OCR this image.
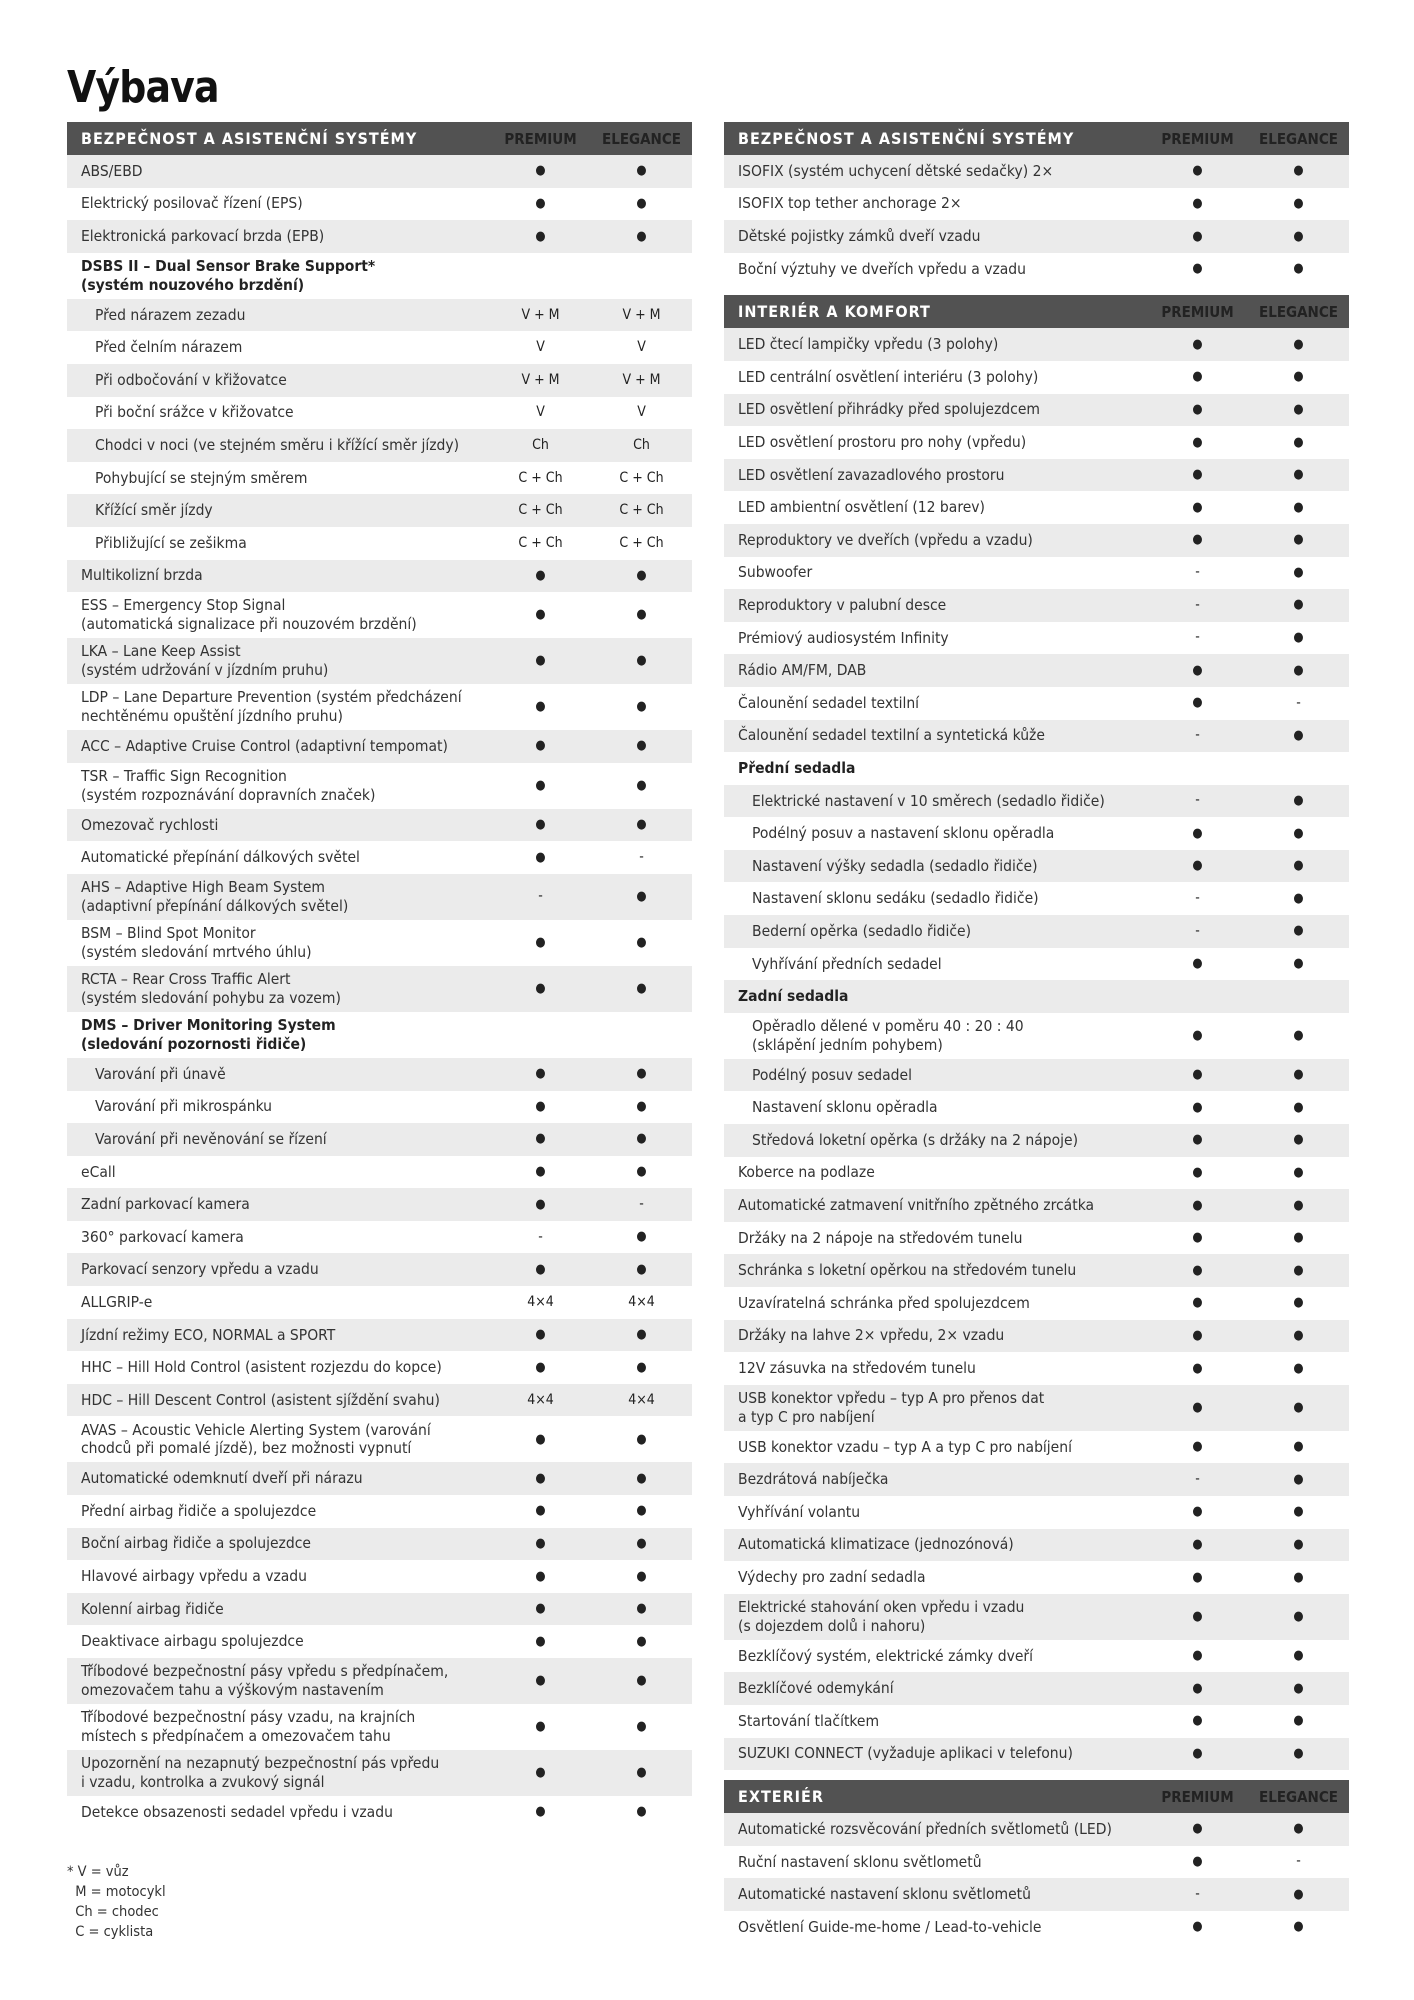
Výbava
BEZPEČNOST A ASISTENČNÍ SYSTÉMY	PREMIUM	ELEGANCE
ABS/EBD	●	●
Elektrický posilovač řízení (EPS)	●	●
Elektronická parkovací brzda (EPB)	●	●
DSBS II – Dual Sensor Brake Support*
(systém nouzového brzdění)
Před nárazem zezadu	V + M	V + M
Před čelním nárazem	V	V
Při odbočování v křižovatce	V + M	V + M
Při boční srážce v křižovatce	V	V
Chodci v noci (ve stejném směru i křížící směr jízdy)	Ch	Ch
Pohybující se stejným směrem	C + Ch	C + Ch
Křížící směr jízdy	C + Ch	C + Ch
Přibližující se zešikma	C + Ch	C + Ch
Multikolizní brzda	●	●
ESS – Emergency Stop Signal
(automatická signalizace při nouzovém brzdění)
●	●
LKA – Lane Keep Assist
(systém udržování v jízdním pruhu)
●	●
LDP – Lane Departure Prevention (systém předcházení
nechtěnému opuštění jízdního pruhu)
●	●
ACC – Adaptive Cruise Control (adaptivní tempomat)	●	●
TSR – Traffic Sign Recognition
(systém rozpoznávání dopravních značek)
●	●
Omezovač rychlosti	●	●
Automatické přepínání dálkových světel	●	-
AHS – Adaptive High Beam System
(adaptivní přepínání dálkových světel)
-	●
BSM – Blind Spot Monitor
(systém sledování mrtvého úhlu)
●	●
RCTA – Rear Cross Traffic Alert
(systém sledování pohybu za vozem)
●	●
DMS – Driver Monitoring System
(sledování pozornosti řidiče)
Varování při únavě	●	●
Varování při mikrospánku	●	●
Varování při nevěnování se řízení	●	●
eCall	●	●
Zadní parkovací kamera	●	-
360° parkovací kamera	-	●
Parkovací senzory vpředu a vzadu	●	●
ALLGRIP-e	4×4	4×4
Jízdní režimy ECO, NORMAL a SPORT	●	●
HHC – Hill Hold Control (asistent rozjezdu do kopce)	●	●
HDC – Hill Descent Control (asistent sjíždění svahu)	4×4	4×4
AVAS – Acoustic Vehicle Alerting System (varování
chodců při pomalé jízdě), bez možnosti vypnutí
●	●
Automatické odemknutí dveří při nárazu	●	●
Přední airbag řidiče a spolujezdce	●	●
Boční airbag řidiče a spolujezdce	●	●
Hlavové airbagy vpředu a vzadu	●	●
Kolenní airbag řidiče	●	●
Deaktivace airbagu spolujezdce	●	●
Tříbodové bezpečnostní pásy vpředu s předpínačem,
omezovačem tahu a výškovým nastavením
●	●
Tříbodové bezpečnostní pásy vzadu, na krajních
místech s předpínačem a omezovačem tahu
●	●
Upozornění na nezapnutý bezpečnostní pás vpředu
i vzadu, kontrolka a zvukový signál
●	●
Detekce obsazenosti sedadel vpředu i vzadu	●	●
BEZPEČNOST A ASISTENČNÍ SYSTÉMY	PREMIUM	ELEGANCE
ISOFIX (systém uchycení dětské sedačky) 2×	●	●
ISOFIX top tether anchorage 2×	●	●
Dětské pojistky zámků dveří vzadu	●	●
Boční výztuhy ve dveřích vpředu a vzadu	●	●
INTERIÉR A KOMFORT	PREMIUM	ELEGANCE
LED čtecí lampičky vpředu (3 polohy)	●	●
LED centrální osvětlení interiéru (3 polohy)	●	●
LED osvětlení přihrádky před spolujezdcem	●	●
LED osvětlení prostoru pro nohy (vpředu)	●	●
LED osvětlení zavazadlového prostoru	●	●
LED ambientní osvětlení (12 barev)	●	●
Reproduktory ve dveřích (vpředu a vzadu)	●	●
Subwoofer	-	●
Reproduktory v palubní desce	-	●
Prémiový audiosystém Infinity	-	●
Rádio AM/FM, DAB	●	●
Čalounění sedadel textilní	●	-
Čalounění sedadel textilní a syntetická kůže	-	●
Přední sedadla
Elektrické nastavení v 10 směrech (sedadlo řidiče)	-	●
Podélný posuv a nastavení sklonu opěradla	●	●
Nastavení výšky sedadla (sedadlo řidiče)	●	●
Nastavení sklonu sedáku (sedadlo řidiče)	-	●
Bederní opěrka (sedadlo řidiče)	-	●
Vyhřívání předních sedadel	●	●
Zadní sedadla
Opěradlo dělené v poměru 40 : 20 : 40
(sklápění jedním pohybem)
●	●
Podélný posuv sedadel	●	●
Nastavení sklonu opěradla	●	●
Středová loketní opěrka (s držáky na 2 nápoje)	●	●
Koberce na podlaze	●	●
Automatické zatmavení vnitřního zpětného zrcátka	●	●
Držáky na 2 nápoje na středovém tunelu	●	●
Schránka s loketní opěrkou na středovém tunelu	●	●
Uzavíratelná schránka před spolujezdcem	●	●
Držáky na lahve 2× vpředu, 2× vzadu	●	●
12V zásuvka na středovém tunelu	●	●
USB konektor vpředu – typ A pro přenos dat
a typ C pro nabíjení
●	●
USB konektor vzadu – typ A a typ C pro nabíjení	●	●
Bezdrátová nabíječka	-	●
Vyhřívání volantu	●	●
Automatická klimatizace (jednozónová)	●	●
Výdechy pro zadní sedadla	●	●
Elektrické stahování oken vpředu i vzadu
(s dojezdem dolů i nahoru)
●	●
Bezklíčový systém, elektrické zámky dveří	●	●
Bezklíčové odemykání	●	●
Startování tlačítkem	●	●
SUZUKI CONNECT (vyžaduje aplikaci v telefonu)	●	●
EXTERIÉR	PREMIUM	ELEGANCE
Automatické rozsvěcování předních světlometů (LED)	●	●
Ruční nastavení sklonu světlometů	●	-
Automatické nastavení sklonu světlometů	-	●
Osvětlení Guide-me-home / Lead-to-vehicle	●	●
* V = vůz
M = motocykl
Ch = chodec
C = cyklista
